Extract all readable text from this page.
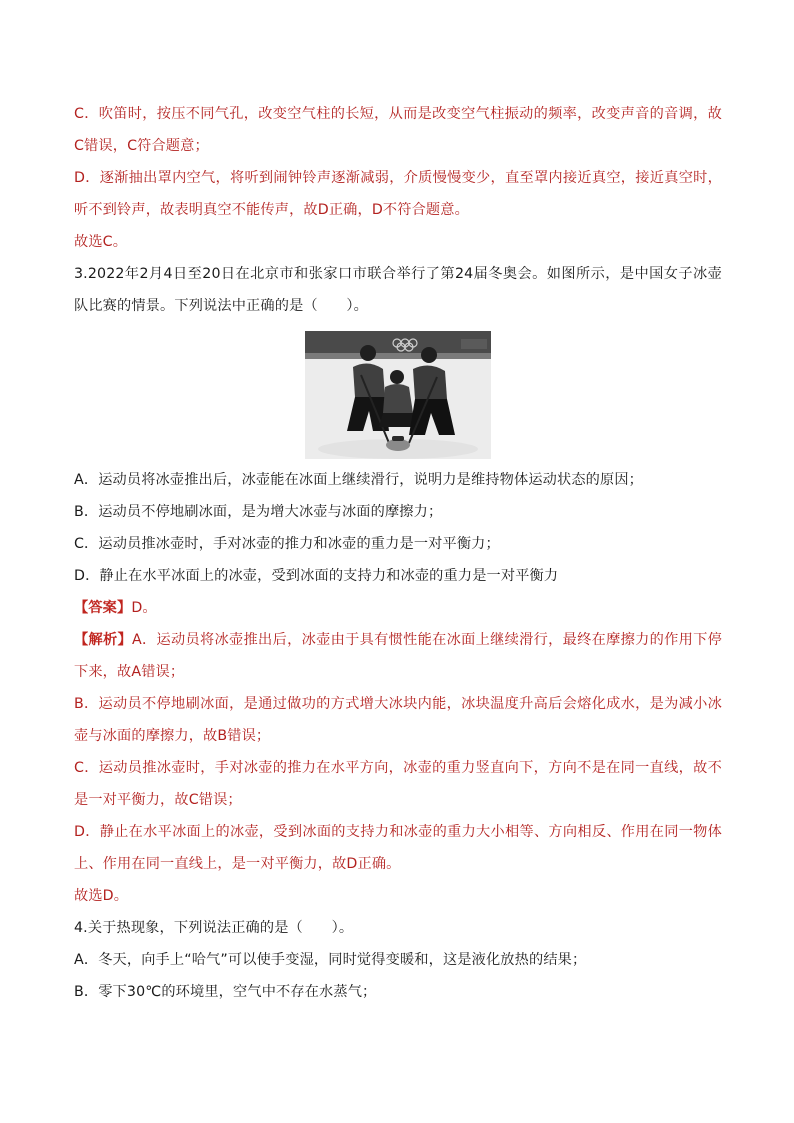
C．吹笛时，按压不同气孔，改变空气柱的长短，从而是改变空气柱振动的频率，改变声音的音调，故C错误，C符合题意；

D．逐渐抽出罩内空气，将听到闹钟铃声逐渐减弱，介质慢慢变少，直至罩内接近真空，接近真空时，听不到铃声，故表明真空不能传声，故D正确，D不符合题意。

故选C。

3.2022年2月4日至20日在北京市和张家口市联合举行了第24届冬奥会。如图所示，是中国女子冰壶队比赛的情景。下列说法中正确的是（　　）。

A．运动员将冰壶推出后，冰壶能在冰面上继续滑行，说明力是维持物体运动状态的原因；

B．运动员不停地刷冰面，是为增大冰壶与冰面的摩擦力；

C．运动员推冰壶时，手对冰壶的推力和冰壶的重力是一对平衡力；

D．静止在水平冰面上的冰壶，受到冰面的支持力和冰壶的重力是一对平衡力

【答案】D。

【解析】A．运动员将冰壶推出后，冰壶由于具有惯性能在冰面上继续滑行，最终在摩擦力的作用下停下来，故A错误；

B．运动员不停地刷冰面，是通过做功的方式增大冰块内能，冰块温度升高后会熔化成水，是为减小冰壶与冰面的摩擦力，故B错误；

C．运动员推冰壶时，手对冰壶的推力在水平方向，冰壶的重力竖直向下，方向不是在同一直线，故不是一对平衡力，故C错误；

D．静止在水平冰面上的冰壶，受到冰面的支持力和冰壶的重力大小相等、方向相反、作用在同一物体上、作用在同一直线上，是一对平衡力，故D正确。

故选D。

4.关于热现象，下列说法正确的是（　　）。

A．冬天，向手上“哈气”可以使手变湿，同时觉得变暖和，这是液化放热的结果；

B．零下30℃的环境里，空气中不存在水蒸气；
